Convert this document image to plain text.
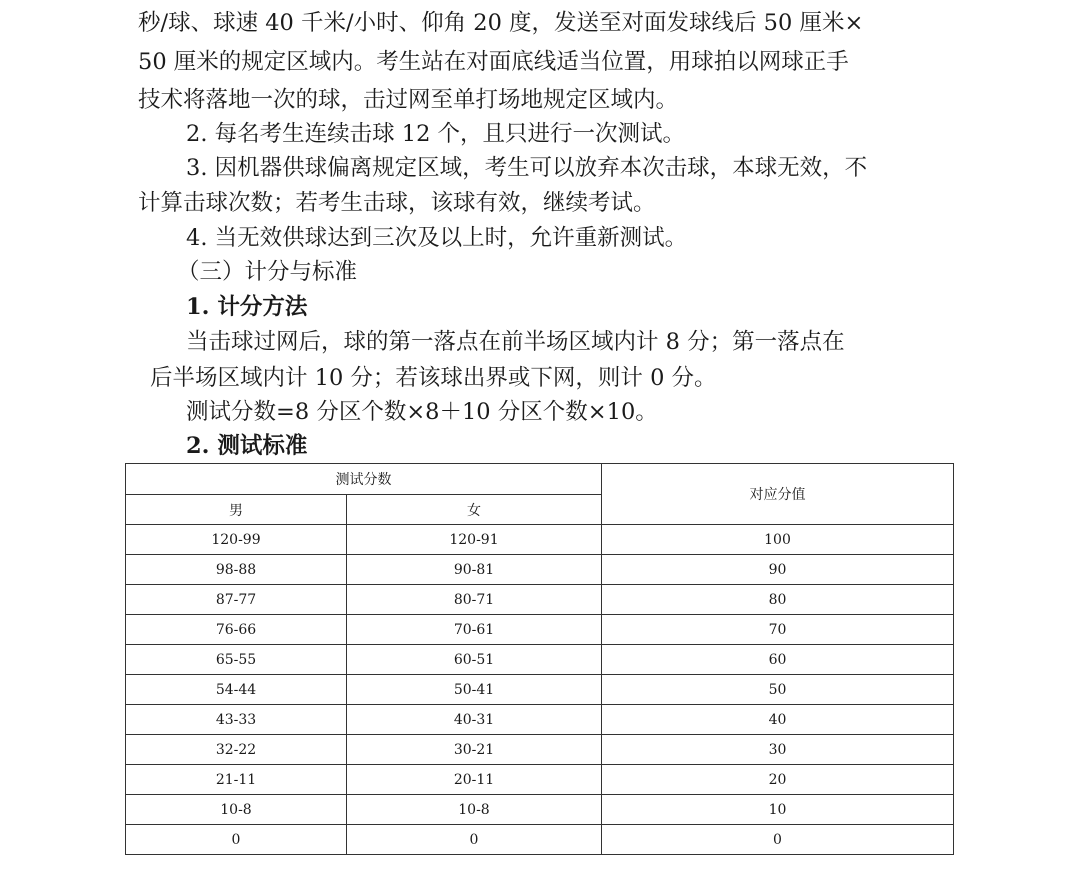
秒/球、球速 40 千米/小时、仰角 20 度，发送至对面发球线后 50 厘米×
50 厘米的规定区域内。考生站在对面底线适当位置，用球拍以网球正手
技术将落地一次的球，击过网至单打场地规定区域内。
2. 每名考生连续击球 12 个，且只进行一次测试。
3. 因机器供球偏离规定区域，考生可以放弃本次击球，本球无效，不
计算击球次数；若考生击球，该球有效，继续考试。
4. 当无效供球达到三次及以上时，允许重新测试。
（三）计分与标准
1. 计分方法
当击球过网后，球的第一落点在前半场区域内计 8 分；第一落点在
后半场区域内计 10 分；若该球出界或下网，则计 0 分。
测试分数=8 分区个数×8＋10 分区个数×10。
2. 测试标准
测试分数		对应分值
男	女	
120-99	120-91	100
98-88	90-81	90
87-77	80-71	80
76-66	70-61	70
65-55	60-51	60
54-44	50-41	50
43-33	40-31	40
32-22	30-21	30
21-11	20-11	20
10-8	10-8	10
0	0	0
